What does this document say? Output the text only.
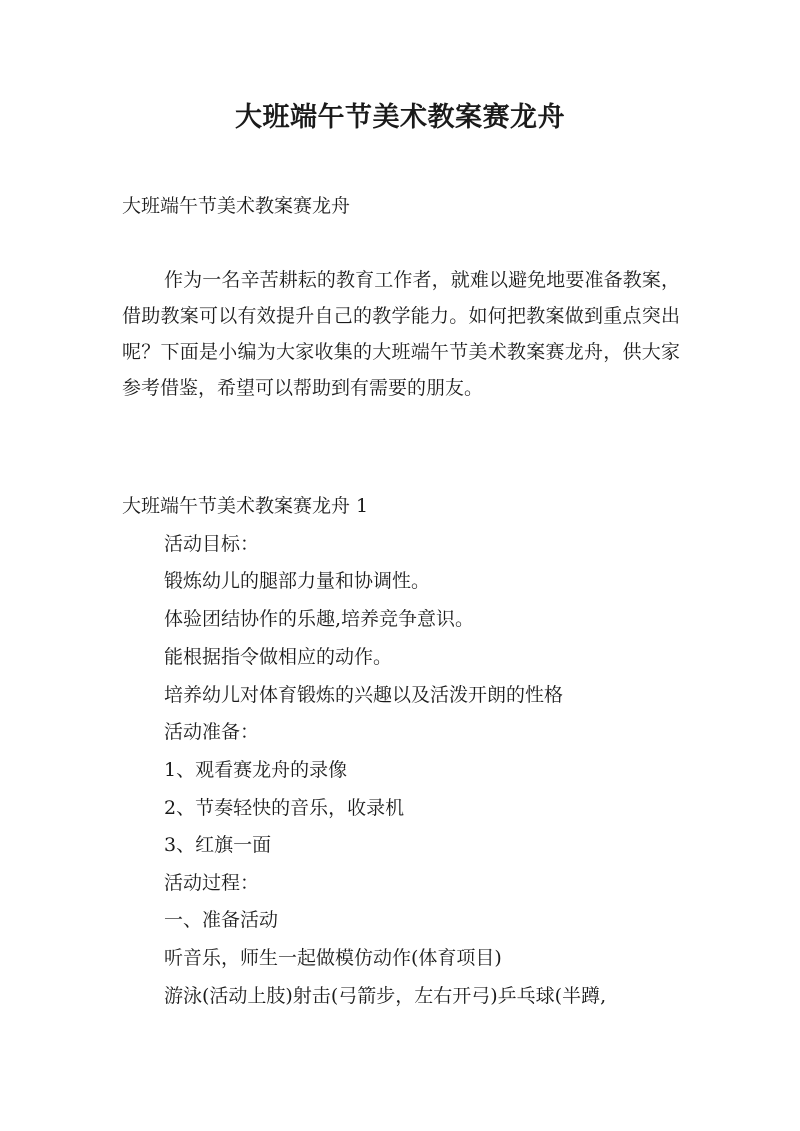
大班端午节美术教案赛龙舟

大班端午节美术教案赛龙舟

作为一名辛苦耕耘的教育工作者，就难以避免地要准备教案，借助教案可以有效提升自己的教学能力。如何把教案做到重点突出呢？下面是小编为大家收集的大班端午节美术教案赛龙舟，供大家参考借鉴，希望可以帮助到有需要的朋友。

大班端午节美术教案赛龙舟 1

活动目标：

锻炼幼儿的腿部力量和协调性。

体验团结协作的乐趣,培养竞争意识。

能根据指令做相应的动作。

培养幼儿对体育锻炼的兴趣以及活泼开朗的性格

活动准备：

1、观看赛龙舟的录像

2、节奏轻快的音乐，收录机

3、红旗一面

活动过程：

一、准备活动

听音乐，师生一起做模仿动作(体育项目)

游泳(活动上肢)射击(弓箭步，左右开弓)乒乓球(半蹲,
